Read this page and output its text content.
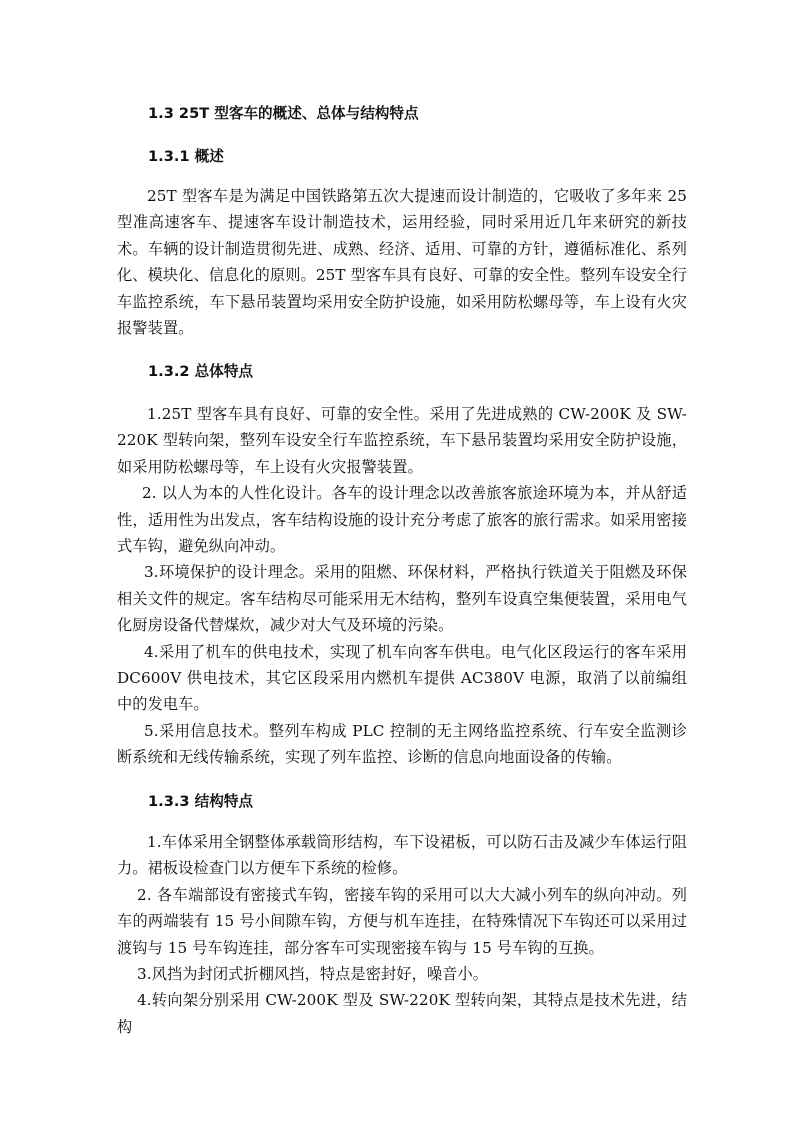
1.3 25T 型客车的概述、总体与结构特点
1.3.1 概述

25T 型客车是为满足中国铁路第五次大提速而设计制造的，它吸收了多年来 25 型准高速客车、提速客车设计制造技术，运用经验，同时采用近几年来研究的新技术。车辆的设计制造贯彻先进、成熟、经济、适用、可靠的方针，遵循标准化、系列化、模块化、信息化的原则。25T 型客车具有良好、可靠的安全性。整列车设安全行车监控系统，车下悬吊装置均采用安全防护设施，如采用防松螺母等，车上设有火灾报警装置。

1.3.2 总体特点

1.25T 型客车具有良好、可靠的安全性。采用了先进成熟的 CW-200K 及 SW-220K 型转向架，整列车设安全行车监控系统，车下悬吊装置均采用安全防护设施，如采用防松螺母等，车上设有火灾报警装置。

2. 以人为本的人性化设计。各车的设计理念以改善旅客旅途环境为本，并从舒适性，适用性为出发点，客车结构设施的设计充分考虑了旅客的旅行需求。如采用密接式车钩，避免纵向冲动。

3.环境保护的设计理念。采用的阻燃、环保材料，严格执行铁道关于阻燃及环保相关文件的规定。客车结构尽可能采用无木结构，整列车设真空集便装置，采用电气化厨房设备代替煤炊，减少对大气及环境的污染。

4.采用了机车的供电技术，实现了机车向客车供电。电气化区段运行的客车采用 DC600V 供电技术，其它区段采用内燃机车提供 AC380V 电源，取消了以前编组中的发电车。

5.采用信息技术。整列车构成 PLC 控制的无主网络监控系统、行车安全监测诊断系统和无线传输系统，实现了列车监控、诊断的信息向地面设备的传输。

1.3.3 结构特点

1.车体采用全钢整体承载筒形结构，车下设裙板，可以防石击及减少车体运行阻力。裙板设检查门以方便车下系统的检修。

2. 各车端部设有密接式车钩，密接车钩的采用可以大大减小列车的纵向冲动。列车的两端装有 15 号小间隙车钩，方便与机车连挂，在特殊情况下车钩还可以采用过渡钩与 15 号车钩连挂，部分客车可实现密接车钩与 15 号车钩的互换。

3.风挡为封闭式折棚风挡，特点是密封好，噪音小。

4.转向架分别采用 CW-200K 型及 SW-220K 型转向架，其特点是技术先进，结构
